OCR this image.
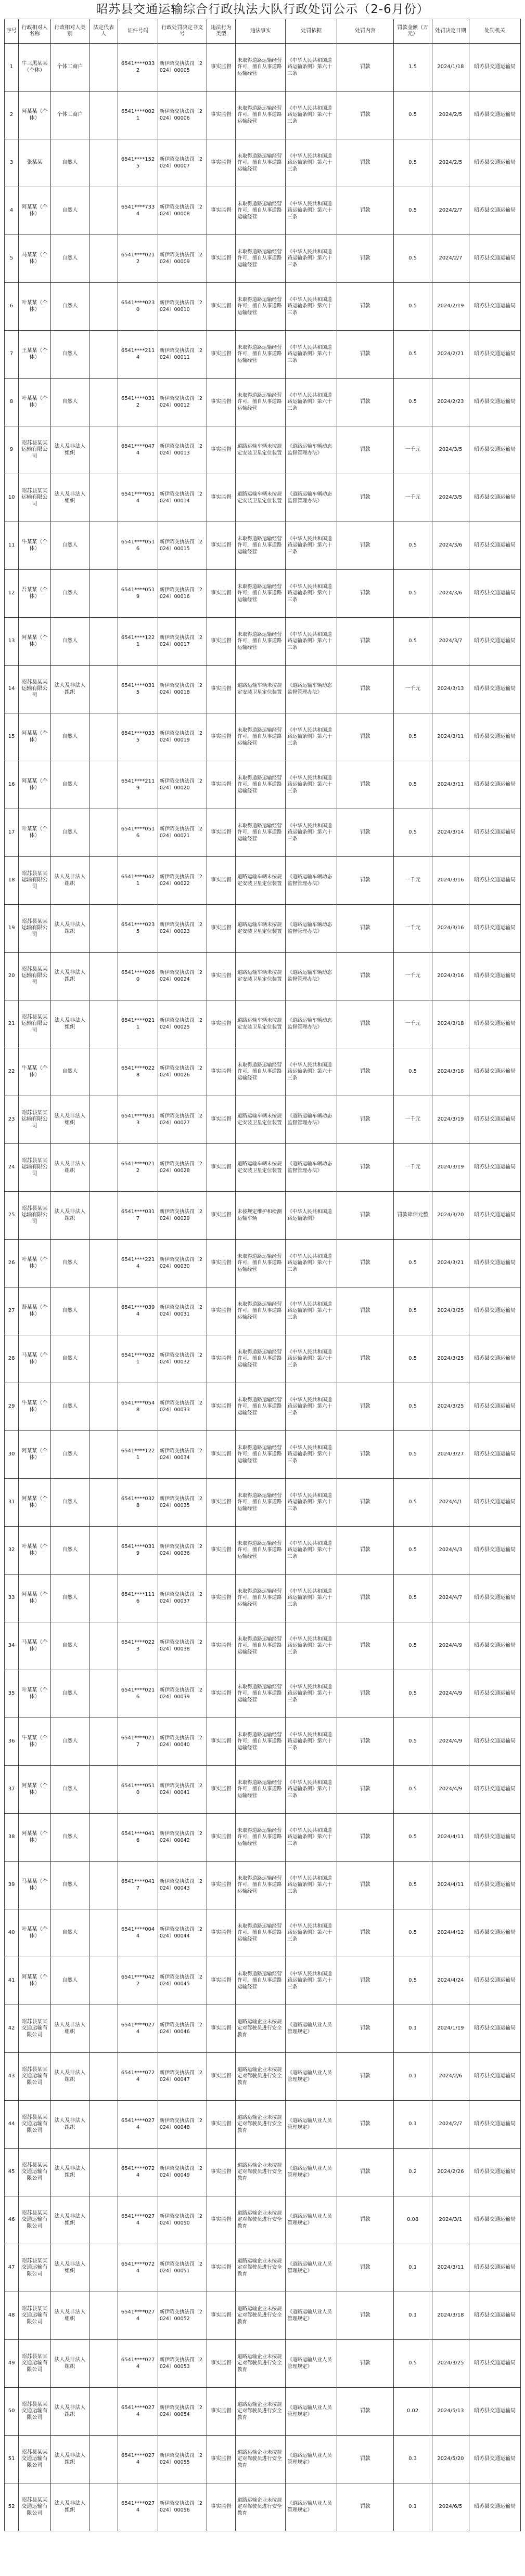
昭苏县交通运输综合行政执法大队行政处罚公示（2-6月份）
序号	行政相对人名称	行政相对人类别	法定代表人	证件号码	行政处罚决定书文号	违法行为类型	违法事实	处罚依据	处罚内容	罚款金额（万元）	处罚决定日期	处罚机关
1	牛三黑某某（个体）	个体工商户		6541****0332	新伊昭交执法罚〔2024〕00005	事实监督	未取得道路运输经营许可，擅自从事道路运输经营	《中华人民共和国道路运输条例》第六十三条	罚款	1.5	2024/1/18	昭苏县交通运输局
2	阿某某（个体）	个体工商户		6541****0021	新伊昭交执法罚〔2024〕00006	事实监督	未取得道路运输经营许可，擅自从事道路运输经营	《中华人民共和国道路运输条例》第六十三条	罚款	0.5	2024/2/5	昭苏县交通运输局
3	张某某	自然人		6541****1525	新伊昭交执法罚〔2024〕00007	事实监督	未取得道路运输经营许可，擅自从事道路运输经营	《中华人民共和国道路运输条例》第六十三条	罚款	0.5	2024/2/5	昭苏县交通运输局
4	阿某某（个体）	自然人		6541****7334	新伊昭交执法罚〔2024〕00008	事实监督	未取得道路运输经营许可，擅自从事道路运输经营	《中华人民共和国道路运输条例》第六十三条	罚款	0.5	2024/2/7	昭苏县交通运输局
5	马某某（个体）	自然人		6541****0212	新伊昭交执法罚〔2024〕00009	事实监督	未取得道路运输经营许可，擅自从事道路运输经营	《中华人民共和国道路运输条例》第六十三条	罚款	0.5	2024/2/7	昭苏县交通运输局
6	叶某某（个体）	自然人		6541****0230	新伊昭交执法罚〔2024〕00010	事实监督	未取得道路运输经营许可，擅自从事道路运输经营	《中华人民共和国道路运输条例》第六十三条	罚款	0.5	2024/2/19	昭苏县交通运输局
7	王某某（个体）	自然人		6541****2114	新伊昭交执法罚〔2024〕00011	事实监督	未取得道路运输经营许可，擅自从事道路运输经营	《中华人民共和国道路运输条例》第六十三条	罚款	0.5	2024/2/21	昭苏县交通运输局
8	叶某某（个体）	自然人		6541****0312	新伊昭交执法罚〔2024〕00012	事实监督	未取得道路运输经营许可，擅自从事道路运输经营	《中华人民共和国道路运输条例》第六十三条	罚款	0.5	2024/2/23	昭苏县交通运输局
9	昭苏县某某运输有限公司	法人及非法人组织		6541****0474	新伊昭交执法罚〔2024〕00013	事实监督	道路运输车辆未按规定安装卫星定位装置	《道路运输车辆动态监督管理办法》	罚款	一千元	2024/3/5	昭苏县交通运输局
10	昭苏县某某运输有限公司	法人及非法人组织		6541****0514	新伊昭交执法罚〔2024〕00014	事实监督	道路运输车辆未按规定安装卫星定位装置	《道路运输车辆动态监督管理办法》	罚款	一千元	2024/3/5	昭苏县交通运输局
11	牛某某（个体）	自然人		6541****0516	新伊昭交执法罚〔2024〕00015	事实监督	未取得道路运输经营许可，擅自从事道路运输经营	《中华人民共和国道路运输条例》第六十三条	罚款	0.5	2024/3/6	昭苏县交通运输局
12	吾某某（个体）	自然人		6541****0519	新伊昭交执法罚〔2024〕00016	事实监督	未取得道路运输经营许可，擅自从事道路运输经营	《中华人民共和国道路运输条例》第六十三条	罚款	0.5	2024/3/6	昭苏县交通运输局
13	阿某某（个体）	自然人		6541****1221	新伊昭交执法罚〔2024〕00017	事实监督	未取得道路运输经营许可，擅自从事道路运输经营	《中华人民共和国道路运输条例》第六十三条	罚款	0.5	2024/3/7	昭苏县交通运输局
14	昭苏县某某运输有限公司	法人及非法人组织		6541****0315	新伊昭交执法罚〔2024〕00018	事实监督	道路运输车辆未按规定安装卫星定位装置	《道路运输车辆动态监督管理办法》	罚款	一千元	2024/3/13	昭苏县交通运输局
15	阿某某（个体）	自然人		6541****0335	新伊昭交执法罚〔2024〕00019	事实监督	未取得道路运输经营许可，擅自从事道路运输经营	《中华人民共和国道路运输条例》第六十三条	罚款	0.5	2024/3/11	昭苏县交通运输局
16	阿某某（个体）	自然人		6541****2119	新伊昭交执法罚〔2024〕00020	事实监督	未取得道路运输经营许可，擅自从事道路运输经营	《中华人民共和国道路运输条例》第六十三条	罚款	0.5	2024/3/11	昭苏县交通运输局
17	叶某某（个体）	自然人		6541****0516	新伊昭交执法罚〔2024〕00021	事实监督	未取得道路运输经营许可，擅自从事道路运输经营	《中华人民共和国道路运输条例》第六十三条	罚款	0.5	2024/3/14	昭苏县交通运输局
18	昭苏县某某运输有限公司	法人及非法人组织		6541****0421	新伊昭交执法罚〔2024〕00022	事实监督	道路运输车辆未按规定安装卫星定位装置	《道路运输车辆动态监督管理办法》	罚款	一千元	2024/3/16	昭苏县交通运输局
19	昭苏县某某运输有限公司	法人及非法人组织		6541****0235	新伊昭交执法罚〔2024〕00023	事实监督	道路运输车辆未按规定安装卫星定位装置	《道路运输车辆动态监督管理办法》	罚款	一千元	2024/3/16	昭苏县交通运输局
20	昭苏县某某运输有限公司	法人及非法人组织		6541****0260	新伊昭交执法罚〔2024〕00024	事实监督	道路运输车辆未按规定安装卫星定位装置	《道路运输车辆动态监督管理办法》	罚款	一千元	2024/3/16	昭苏县交通运输局
21	昭苏县某某运输有限公司	法人及非法人组织		6541****0211	新伊昭交执法罚〔2024〕00025	事实监督	道路运输车辆未按规定安装卫星定位装置	《道路运输车辆动态监督管理办法》	罚款	一千元	2024/3/18	昭苏县交通运输局
22	牛某某（个体）	自然人		6541****0228	新伊昭交执法罚〔2024〕00026	事实监督	未取得道路运输经营许可，擅自从事道路运输经营	《中华人民共和国道路运输条例》第六十三条	罚款	0.5	2024/3/18	昭苏县交通运输局
23	昭苏县某某运输有限公司	法人及非法人组织		6541****0313	新伊昭交执法罚〔2024〕00027	事实监督	道路运输车辆未按规定安装卫星定位装置	《道路运输车辆动态监督管理办法》	罚款	一千元	2024/3/19	昭苏县交通运输局
24	昭苏县某某运输有限公司	法人及非法人组织		6541****0212	新伊昭交执法罚〔2024〕00028	事实监督	道路运输车辆未按规定安装卫星定位装置	《道路运输车辆动态监督管理办法》	罚款	一千元	2024/3/19	昭苏县交通运输局
25	昭苏县某某运输有限公司	法人及非法人组织		6541****0317	新伊昭交执法罚〔2024〕00029	事实监督	未按规定维护和检测运输车辆	《中华人民共和国道路运输条例》	罚款	罚款肆佰元整	2024/3/20	昭苏县交通运输局
26	叶某某（个体）	自然人		6541****2214	新伊昭交执法罚〔2024〕00030	事实监督	未取得道路运输经营许可，擅自从事道路运输经营	《中华人民共和国道路运输条例》第六十三条	罚款	0.5	2024/3/21	昭苏县交通运输局
27	吾某某（个体）	自然人		6541****0394	新伊昭交执法罚〔2024〕00031	事实监督	未取得道路运输经营许可，擅自从事道路运输经营	《中华人民共和国道路运输条例》第六十三条	罚款	0.5	2024/3/25	昭苏县交通运输局
28	马某某（个体）	自然人		6541****0321	新伊昭交执法罚〔2024〕00032	事实监督	未取得道路运输经营许可，擅自从事道路运输经营	《中华人民共和国道路运输条例》第六十三条	罚款	0.5	2024/3/25	昭苏县交通运输局
29	牛某某（个体）	自然人		6541****0548	新伊昭交执法罚〔2024〕00033	事实监督	未取得道路运输经营许可，擅自从事道路运输经营	《中华人民共和国道路运输条例》第六十三条	罚款	0.5	2024/3/25	昭苏县交通运输局
30	阿某某（个体）	自然人		6541****1221	新伊昭交执法罚〔2024〕00034	事实监督	未取得道路运输经营许可，擅自从事道路运输经营	《中华人民共和国道路运输条例》第六十三条	罚款	0.5	2024/3/27	昭苏县交通运输局
31	阿某某（个体）	自然人		6541****0328	新伊昭交执法罚〔2024〕00035	事实监督	未取得道路运输经营许可，擅自从事道路运输经营	《中华人民共和国道路运输条例》第六十三条	罚款	0.5	2024/4/1	昭苏县交通运输局
32	叶某某（个体）	自然人		6541****0319	新伊昭交执法罚〔2024〕00036	事实监督	未取得道路运输经营许可，擅自从事道路运输经营	《中华人民共和国道路运输条例》第六十三条	罚款	0.5	2024/4/3	昭苏县交通运输局
33	阿某某（个体）	自然人		6541****1116	新伊昭交执法罚〔2024〕00037	事实监督	未取得道路运输经营许可，擅自从事道路运输经营	《中华人民共和国道路运输条例》第六十三条	罚款	0.5	2024/4/7	昭苏县交通运输局
34	马某某（个体）	自然人		6541****0223	新伊昭交执法罚〔2024〕00038	事实监督	未取得道路运输经营许可，擅自从事道路运输经营	《中华人民共和国道路运输条例》第六十三条	罚款	0.5	2024/4/9	昭苏县交通运输局
35	叶某某（个体）	自然人		6541****0216	新伊昭交执法罚〔2024〕00039	事实监督	未取得道路运输经营许可，擅自从事道路运输经营	《中华人民共和国道路运输条例》第六十三条	罚款	0.5	2024/4/9	昭苏县交通运输局
36	牛某某（个体）	自然人		6541****0217	新伊昭交执法罚〔2024〕00040	事实监督	未取得道路运输经营许可，擅自从事道路运输经营	《中华人民共和国道路运输条例》第六十三条	罚款	0.5	2024/4/9	昭苏县交通运输局
37	阿某某（个体）	自然人		6541****0510	新伊昭交执法罚〔2024〕00041	事实监督	未取得道路运输经营许可，擅自从事道路运输经营	《中华人民共和国道路运输条例》第六十三条	罚款	0.5	2024/4/9	昭苏县交通运输局
38	阿某某（个体）	自然人		6541****0416	新伊昭交执法罚〔2024〕00042	事实监督	未取得道路运输经营许可，擅自从事道路运输经营	《中华人民共和国道路运输条例》第六十三条	罚款	0.5	2024/4/11	昭苏县交通运输局
39	马某某（个体）	自然人		6541****0417	新伊昭交执法罚〔2024〕00043	事实监督	未取得道路运输经营许可，擅自从事道路运输经营	《中华人民共和国道路运输条例》第六十三条	罚款	0.5	2024/4/11	昭苏县交通运输局
40	叶某某（个体）	自然人		6541****0044	新伊昭交执法罚〔2024〕00044	事实监督	未取得道路运输经营许可，擅自从事道路运输经营	《中华人民共和国道路运输条例》第六十三条	罚款	0.5	2024/4/12	昭苏县交通运输局
41	阿某某（个体）	自然人		6541****0422	新伊昭交执法罚〔2024〕00045	事实监督	未取得道路运输经营许可，擅自从事道路运输经营	《中华人民共和国道路运输条例》第六十三条	罚款	0.5	2024/4/24	昭苏县交通运输局
42	昭苏县某某交通运输有限公司	法人及非法人组织		6541****0274	新伊昭交执法罚〔2024〕00046	事实监督	道路运输企业未按规定对驾驶员进行安全教育	《道路运输从业人员管理规定》	罚款	0.1	2024/1/19	昭苏县交通运输局
43	昭苏县某某交通运输有限公司	法人及非法人组织		6541****0724	新伊昭交执法罚〔2024〕00047	事实监督	道路运输企业未按规定对驾驶员进行安全教育	《道路运输从业人员管理规定》	罚款	0.1	2024/2/6	昭苏县交通运输局
44	昭苏县某某交通运输有限公司	法人及非法人组织		6541****0274	新伊昭交执法罚〔2024〕00048	事实监督	道路运输企业未按规定对驾驶员进行安全教育	《道路运输从业人员管理规定》	罚款	0.1	2024/2/7	昭苏县交通运输局
45	昭苏县某某交通运输有限公司	法人及非法人组织		6541****0724	新伊昭交执法罚〔2024〕00049	事实监督	道路运输企业未按规定对驾驶员进行安全教育	《道路运输从业人员管理规定》	罚款	0.2	2024/2/26	昭苏县交通运输局
46	昭苏县某某交通运输有限公司	法人及非法人组织		6541****0274	新伊昭交执法罚〔2024〕00050	事实监督	道路运输企业未按规定对驾驶员进行安全教育	《道路运输从业人员管理规定》	罚款	0.08	2024/3/1	昭苏县交通运输局
47	昭苏县某某交通运输有限公司	法人及非法人组织		6541****0724	新伊昭交执法罚〔2024〕00051	事实监督	道路运输企业未按规定对驾驶员进行安全教育	《道路运输从业人员管理规定》	罚款	0.1	2024/3/11	昭苏县交通运输局
48	昭苏县某某交通运输有限公司	法人及非法人组织		6541****0274	新伊昭交执法罚〔2024〕00052	事实监督	道路运输企业未按规定对驾驶员进行安全教育	《道路运输从业人员管理规定》	罚款	0.1	2024/3/18	昭苏县交通运输局
49	昭苏县某某交通运输有限公司	法人及非法人组织		6541****0274	新伊昭交执法罚〔2024〕00053	事实监督	道路运输企业未按规定对驾驶员进行安全教育	《道路运输从业人员管理规定》	罚款	0.5	2024/3/25	昭苏县交通运输局
50	昭苏县某某交通运输有限公司	法人及非法人组织		6541****0274	新伊昭交执法罚〔2024〕00054	事实监督	道路运输企业未按规定对驾驶员进行安全教育	《道路运输从业人员管理规定》	罚款	0.02	2024/5/13	昭苏县交通运输局
51	昭苏县某某交通运输有限公司	法人及非法人组织		6541****0274	新伊昭交执法罚〔2024〕00055	事实监督	道路运输企业未按规定对驾驶员进行安全教育	《道路运输从业人员管理规定》	罚款	0.3	2024/5/20	昭苏县交通运输局
52	昭苏县某某交通运输有限公司	法人及非法人组织		6541****0274	新伊昭交执法罚〔2024〕00056	事实监督	道路运输企业未按规定对驾驶员进行安全教育	《道路运输从业人员管理规定》	罚款	0.1	2024/6/5	昭苏县交通运输局
